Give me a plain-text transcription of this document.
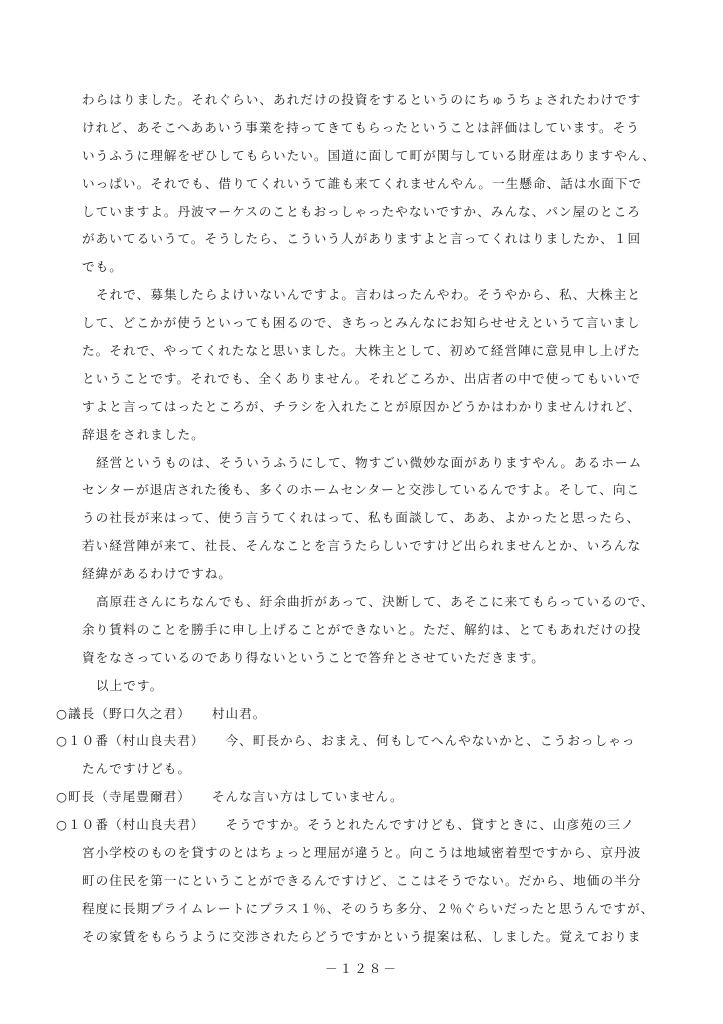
わらはりました。それぐらい、あれだけの投資をするというのにちゅうちょされたわけです
けれど、あそこへああいう事業を持ってきてもらったということは評価はしています。そう
いうふうに理解をぜひしてもらいたい。国道に面して町が関与している財産はありますやん、
いっぱい。それでも、借りてくれいうて誰も来てくれませんやん。一生懸命、話は水面下で
していますよ。丹波マーケスのこともおっしゃったやないですか、みんな、パン屋のところ
があいてるいうて。そうしたら、こういう人がありますよと言ってくれはりましたか、１回
でも。
それで、募集したらよけいないんですよ。言わはったんやわ。そうやから、私、大株主と
して、どこかが使うといっても困るので、きちっとみんなにお知らせせえというて言いまし
た。それで、やってくれたなと思いました。大株主として、初めて経営陣に意見申し上げた
ということです。それでも、全くありません。それどころか、出店者の中で使ってもいいで
すよと言ってはったところが、チラシを入れたことが原因かどうかはわかりませんけれど、
辞退をされました。
経営というものは、そういうふうにして、物すごい微妙な面がありますやん。あるホーム
センターが退店された後も、多くのホームセンターと交渉しているんですよ。そして、向こ
うの社長が来はって、使う言うてくれはって、私も面談して、ああ、よかったと思ったら、
若い経営陣が来て、社長、そんなことを言うたらしいですけど出られませんとか、いろんな
経緯があるわけですね。
高原荘さんにちなんでも、紆余曲折があって、決断して、あそこに来てもらっているので、
余り賃料のことを勝手に申し上げることができないと。ただ、解約は、とてもあれだけの投
資をなさっているのであり得ないということで答弁とさせていただきます。
以上です。
○議長（野口久之君）　　村山君。
○１０番（村山良夫君）　　今、町長から、おまえ、何もしてへんやないかと、こうおっしゃっ
たんですけども。
○町長（寺尾豊爾君）　　そんな言い方はしていません。
○１０番（村山良夫君）　　そうですか。そうとれたんですけども、貸すときに、山彦苑の三ノ
宮小学校のものを貸すのとはちょっと理屈が違うと。向こうは地域密着型ですから、京丹波
町の住民を第一にということができるんですけど、ここはそうでない。だから、地価の半分
程度に長期プライムレートにプラス１％、そのうち多分、２％ぐらいだったと思うんですが、
その家賃をもらうように交渉されたらどうですかという提案は私、しました。覚えておりま
－１２８－
